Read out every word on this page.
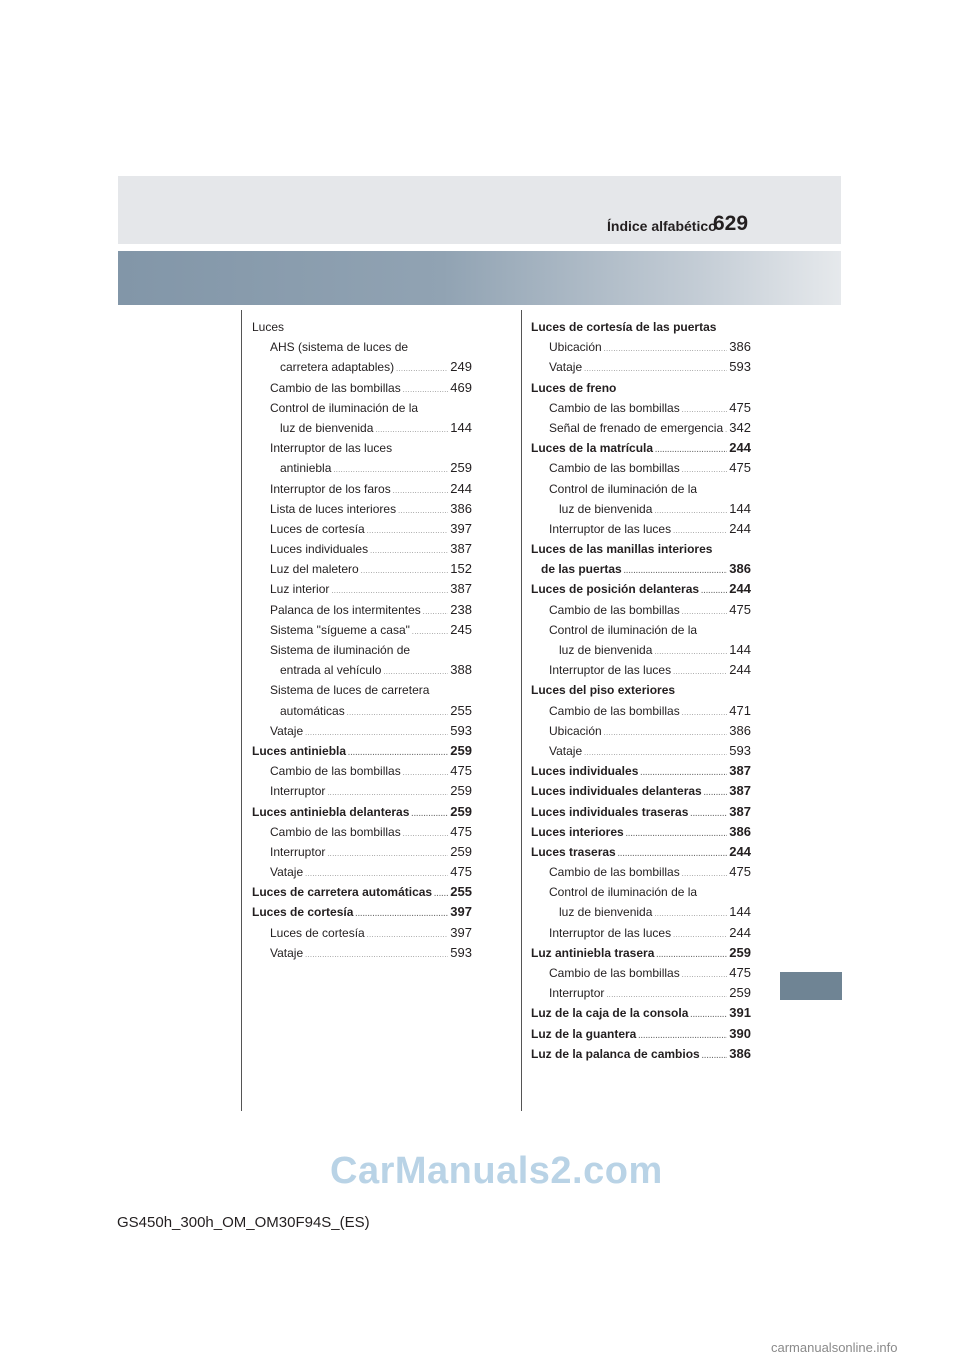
Índice alfabético
629
Luces
AHS (sistema de luces de
carretera adaptables) .....	249
Cambio de las bombillas .....	469
Control de iluminación de la
luz de bienvenida .....	144
Interruptor de las luces
antiniebla .....	259
Interruptor de los faros .....	244
Lista de luces interiores .....	386
Luces de cortesía .....	397
Luces individuales .....	387
Luz del maletero .....	152
Luz interior .....	387
Palanca de los intermitentes ..... 238
Sistema "sígueme a casa" .....	245
Sistema de iluminación de
entrada al vehículo .....	388
Sistema de luces de carretera
automáticas .....	255
Vataje .....	593
Luces antiniebla .....	259
Cambio de las bombillas .....	475
Interruptor .....	259
Luces antiniebla delanteras .....	259
Cambio de las bombillas .....	475
Interruptor .....	259
Vataje .....	475
Luces de carretera automáticas ..... 255
Luces de cortesía .....	397
Luces de cortesía .....	397
Vataje .....	593
Luces de cortesía de las puertas
Ubicación .....	386
Vataje .....	593
Luces de freno
Cambio de las bombillas .....	475
Señal de frenado de emergencia ..... 342
Luces de la matrícula .....	244
Cambio de las bombillas .....	475
Control de iluminación de la
luz de bienvenida .....	144
Interruptor de las luces .....	244
Luces de las manillas interiores
de las puertas .....	386
Luces de posición delanteras ..... 244
Cambio de las bombillas .....	475
Control de iluminación de la
luz de bienvenida .....	144
Interruptor de las luces .....	244
Luces del piso exteriores
Cambio de las bombillas .....	471
Ubicación .....	386
Vataje .....	593
Luces individuales .....	387
Luces individuales delanteras ..... 387
Luces individuales traseras .....	387
Luces interiores .....	386
Luces traseras .....	244
Cambio de las bombillas .....	475
Control de iluminación de la
luz de bienvenida .....	144
Interruptor de las luces .....	244
Luz antiniebla trasera .....	259
Cambio de las bombillas .....	475
Interruptor .....	259
Luz de la caja de la consola .....	391
Luz de la guantera .....	390
Luz de la palanca de cambios ..... 386
GS450h_300h_OM_OM30F94S_(ES)
CarManuals2.com
carmanualsonline.info
